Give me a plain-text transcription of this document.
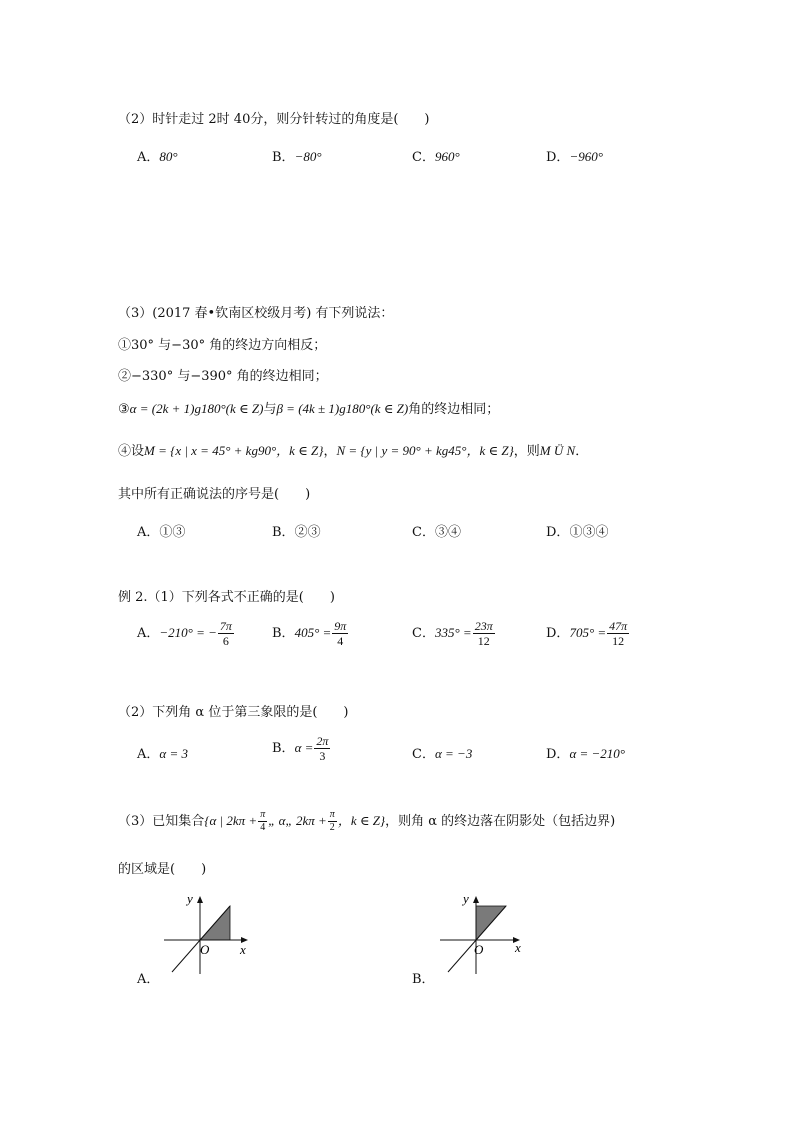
（2）时针走过 2时 40分，则分针转过的角度是(　　)
A．80°	B．−80°	C．960°	D．−960°
（3）(2017 春•钦南区校级月考) 有下列说法：
①30° 与−30° 角的终边方向相反；
②−330° 与−390° 角的终边相同；
③α = (2k + 1)g180°(k ∈ Z)与β = (4k ± 1)g180°(k ∈ Z)角的终边相同；
④设M = {x | x = 45° + kg90°，k ∈ Z}，N = {y | y = 90° + kg45°，k ∈ Z}，则M Ü N．
其中所有正确说法的序号是(　　)
A．①③	B．②③	C．③④	D．①③④
例 2.（1）下列各式不正确的是(　　)
A．−210° = − $\frac{7\pi}{6}$	B．$405^\circ = \frac{9\pi}{4}$	C．$335^\circ = \frac{23\pi}{12}$	D．$705^\circ = \frac{47\pi}{12}$
（2）下列角 α 位于第三象限的是(　　)
A．α = 3	B．$\alpha = \frac{2\pi}{3}$	C．α = −3	D．α = −210°
（3）已知集合{α | $2k\pi + \frac{\pi}{4}$ „ α„ $2k\pi + \frac{\pi}{2}$ ，k ∈ Z}，则角 α 的终边落在阴影处（包括边界)
的区域是(　　)
A．
y
x
O
B．
y
x
O
